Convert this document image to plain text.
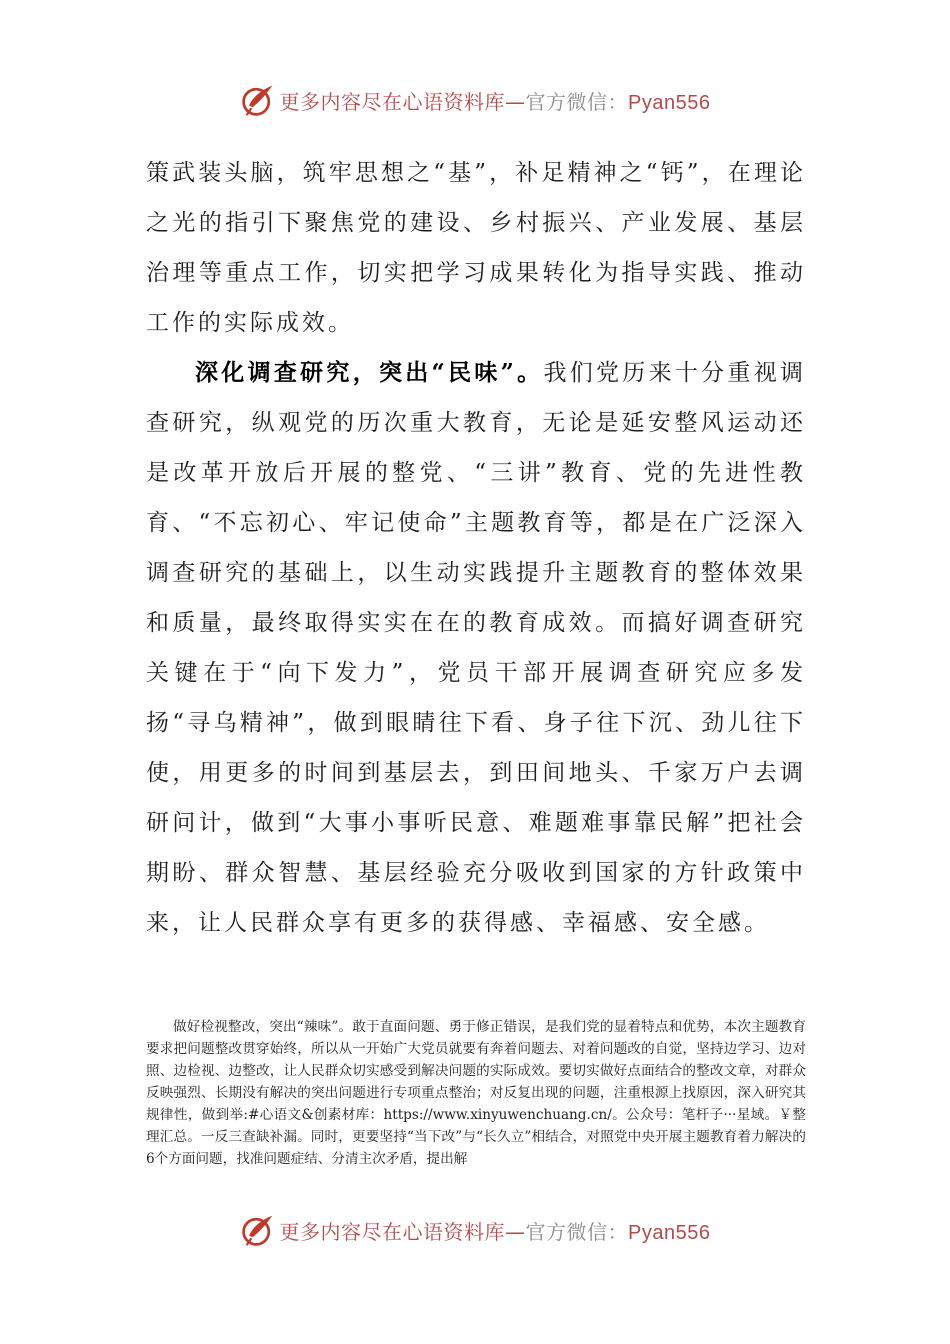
更多内容尽在心语资料库—官方微信：Pyan556
策武装头脑，筑牢思想之“基”，补足精神之“钙”，在理论之光的指引下聚焦党的建设、乡村振兴、产业发展、基层治理等重点工作，切实把学习成果转化为指导实践、推动工作的实际成效。
深化调查研究，突出“民味”。我们党历来十分重视调查研究，纵观党的历次重大教育，无论是延安整风运动还是改革开放后开展的整党、“三讲”教育、党的先进性教育、“不忘初心、牢记使命”主题教育等，都是在广泛深入调查研究的基础上，以生动实践提升主题教育的整体效果和质量，最终取得实实在在的教育成效。而搞好调查研究关键在于“向下发力”，党员干部开展调查研究应多发扬“寻乌精神”，做到眼睛往下看、身子往下沉、劲儿往下使，用更多的时间到基层去，到田间地头、千家万户去调研问计，做到“大事小事听民意、难题难事靠民解”把社会期盼、群众智慧、基层经验充分吸收到国家的方针政策中来，让人民群众享有更多的获得感、幸福感、安全感。
做好检视整改，突出“辣味”。敢于直面问题、勇于修正错误，是我们党的显着特点和优势，本次主题教育要求把问题整改贯穿始终，所以从一开始广大党员就要有奔着问题去、对着问题改的自觉，坚持边学习、边对照、边检视、边整改，让人民群众切实感受到解决问题的实际成效。要切实做好点面结合的整改文章，对群众反映强烈、长期没有解决的突出问题进行专项重点整治；对反复出现的问题，注重根源上找原因，深入研究其规律性，做到举:#心语文&创素材库：https://www.xinyuwenchuang.cn/。公众号：笔杆子···星域。￥整理汇总。一反三查缺补漏。同时，更要坚持“当下改”与“长久立”相结合，对照党中央开展主题教育着力解决的6个方面问题，找准问题症结、分清主次矛盾，提出解
更多内容尽在心语资料库—官方微信：Pyan556
